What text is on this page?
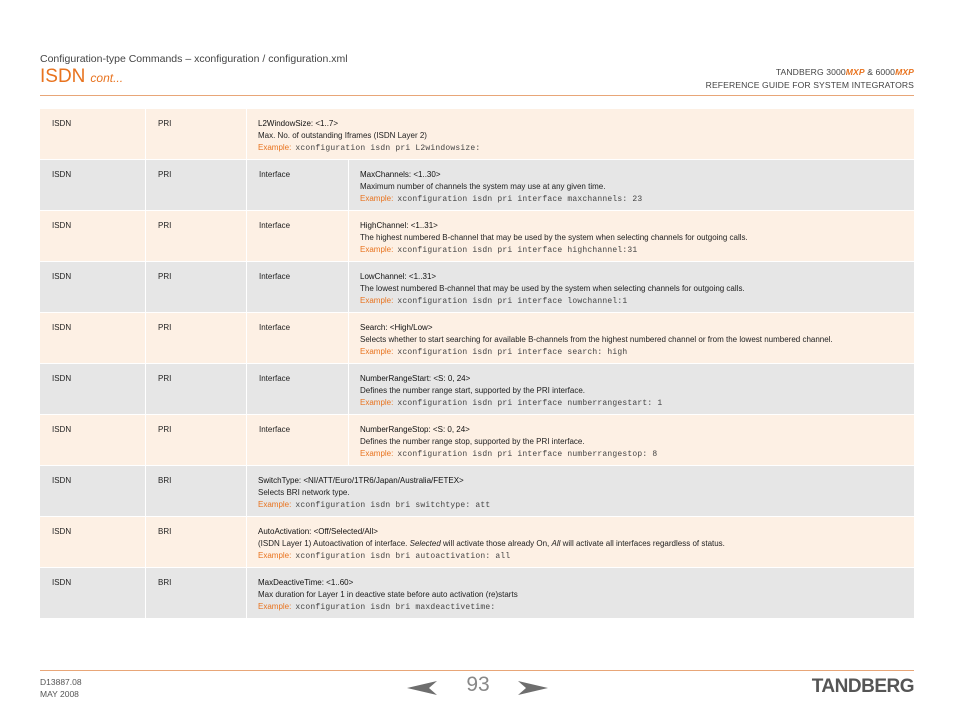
Configuration-type Commands – xconfiguration / configuration.xml
ISDN cont...	TANDBERG 3000MXP & 6000MXP
REFERENCE GUIDE FOR SYSTEM INTEGRATORS
ISDN	PRI	L2WindowSize: <1..7>
Max. No. of outstanding Iframes (ISDN Layer 2)
Example: xconfiguration isdn pri L2windowsize:
ISDN	PRI	Interface	MaxChannels: <1..30>
Maximum number of channels the system may use at any given time.
Example: xconfiguration isdn pri interface maxchannels: 23
ISDN	PRI	Interface	HighChannel: <1..31>
The highest numbered B-channel that may be used by the system when selecting channels for outgoing calls.
Example: xconfiguration isdn pri interface highchannel:31
ISDN	PRI	Interface	LowChannel: <1..31>
The lowest numbered B-channel that may be used by the system when selecting channels for outgoing calls.
Example: xconfiguration isdn pri interface lowchannel:1
ISDN	PRI	Interface	Search: <High/Low>
Selects whether to start searching for available B-channels from the highest numbered channel or from the lowest numbered channel.
Example: xconfiguration isdn pri interface search: high
ISDN	PRI	Interface	NumberRangeStart: <S: 0, 24>
Defines the number range start, supported by the PRI interface.
Example: xconfiguration isdn pri interface numberrangestart: 1
ISDN	PRI	Interface	NumberRangeStop: <S: 0, 24>
Defines the number range stop, supported by the PRI interface.
Example: xconfiguration isdn pri interface numberrangestop: 8
ISDN	BRI	SwitchType: <NI/ATT/Euro/1TR6/Japan/Australia/FETEX>
Selects BRI network type.
Example: xconfiguration isdn bri switchtype: att
ISDN	BRI	AutoActivation: <Off/Selected/All>
(ISDN Layer 1) Autoactivation of interface. Selected will activate those already On, All will activate all interfaces regardless of status.
Example: xconfiguration isdn bri autoactivation: all
ISDN	BRI	MaxDeactiveTime: <1..60>
Max duration for Layer 1 in deactive state before auto activation (re)starts
Example: xconfiguration isdn bri maxdeactivetime:
D13887.08
MAY 2008	93	TANDBERG
